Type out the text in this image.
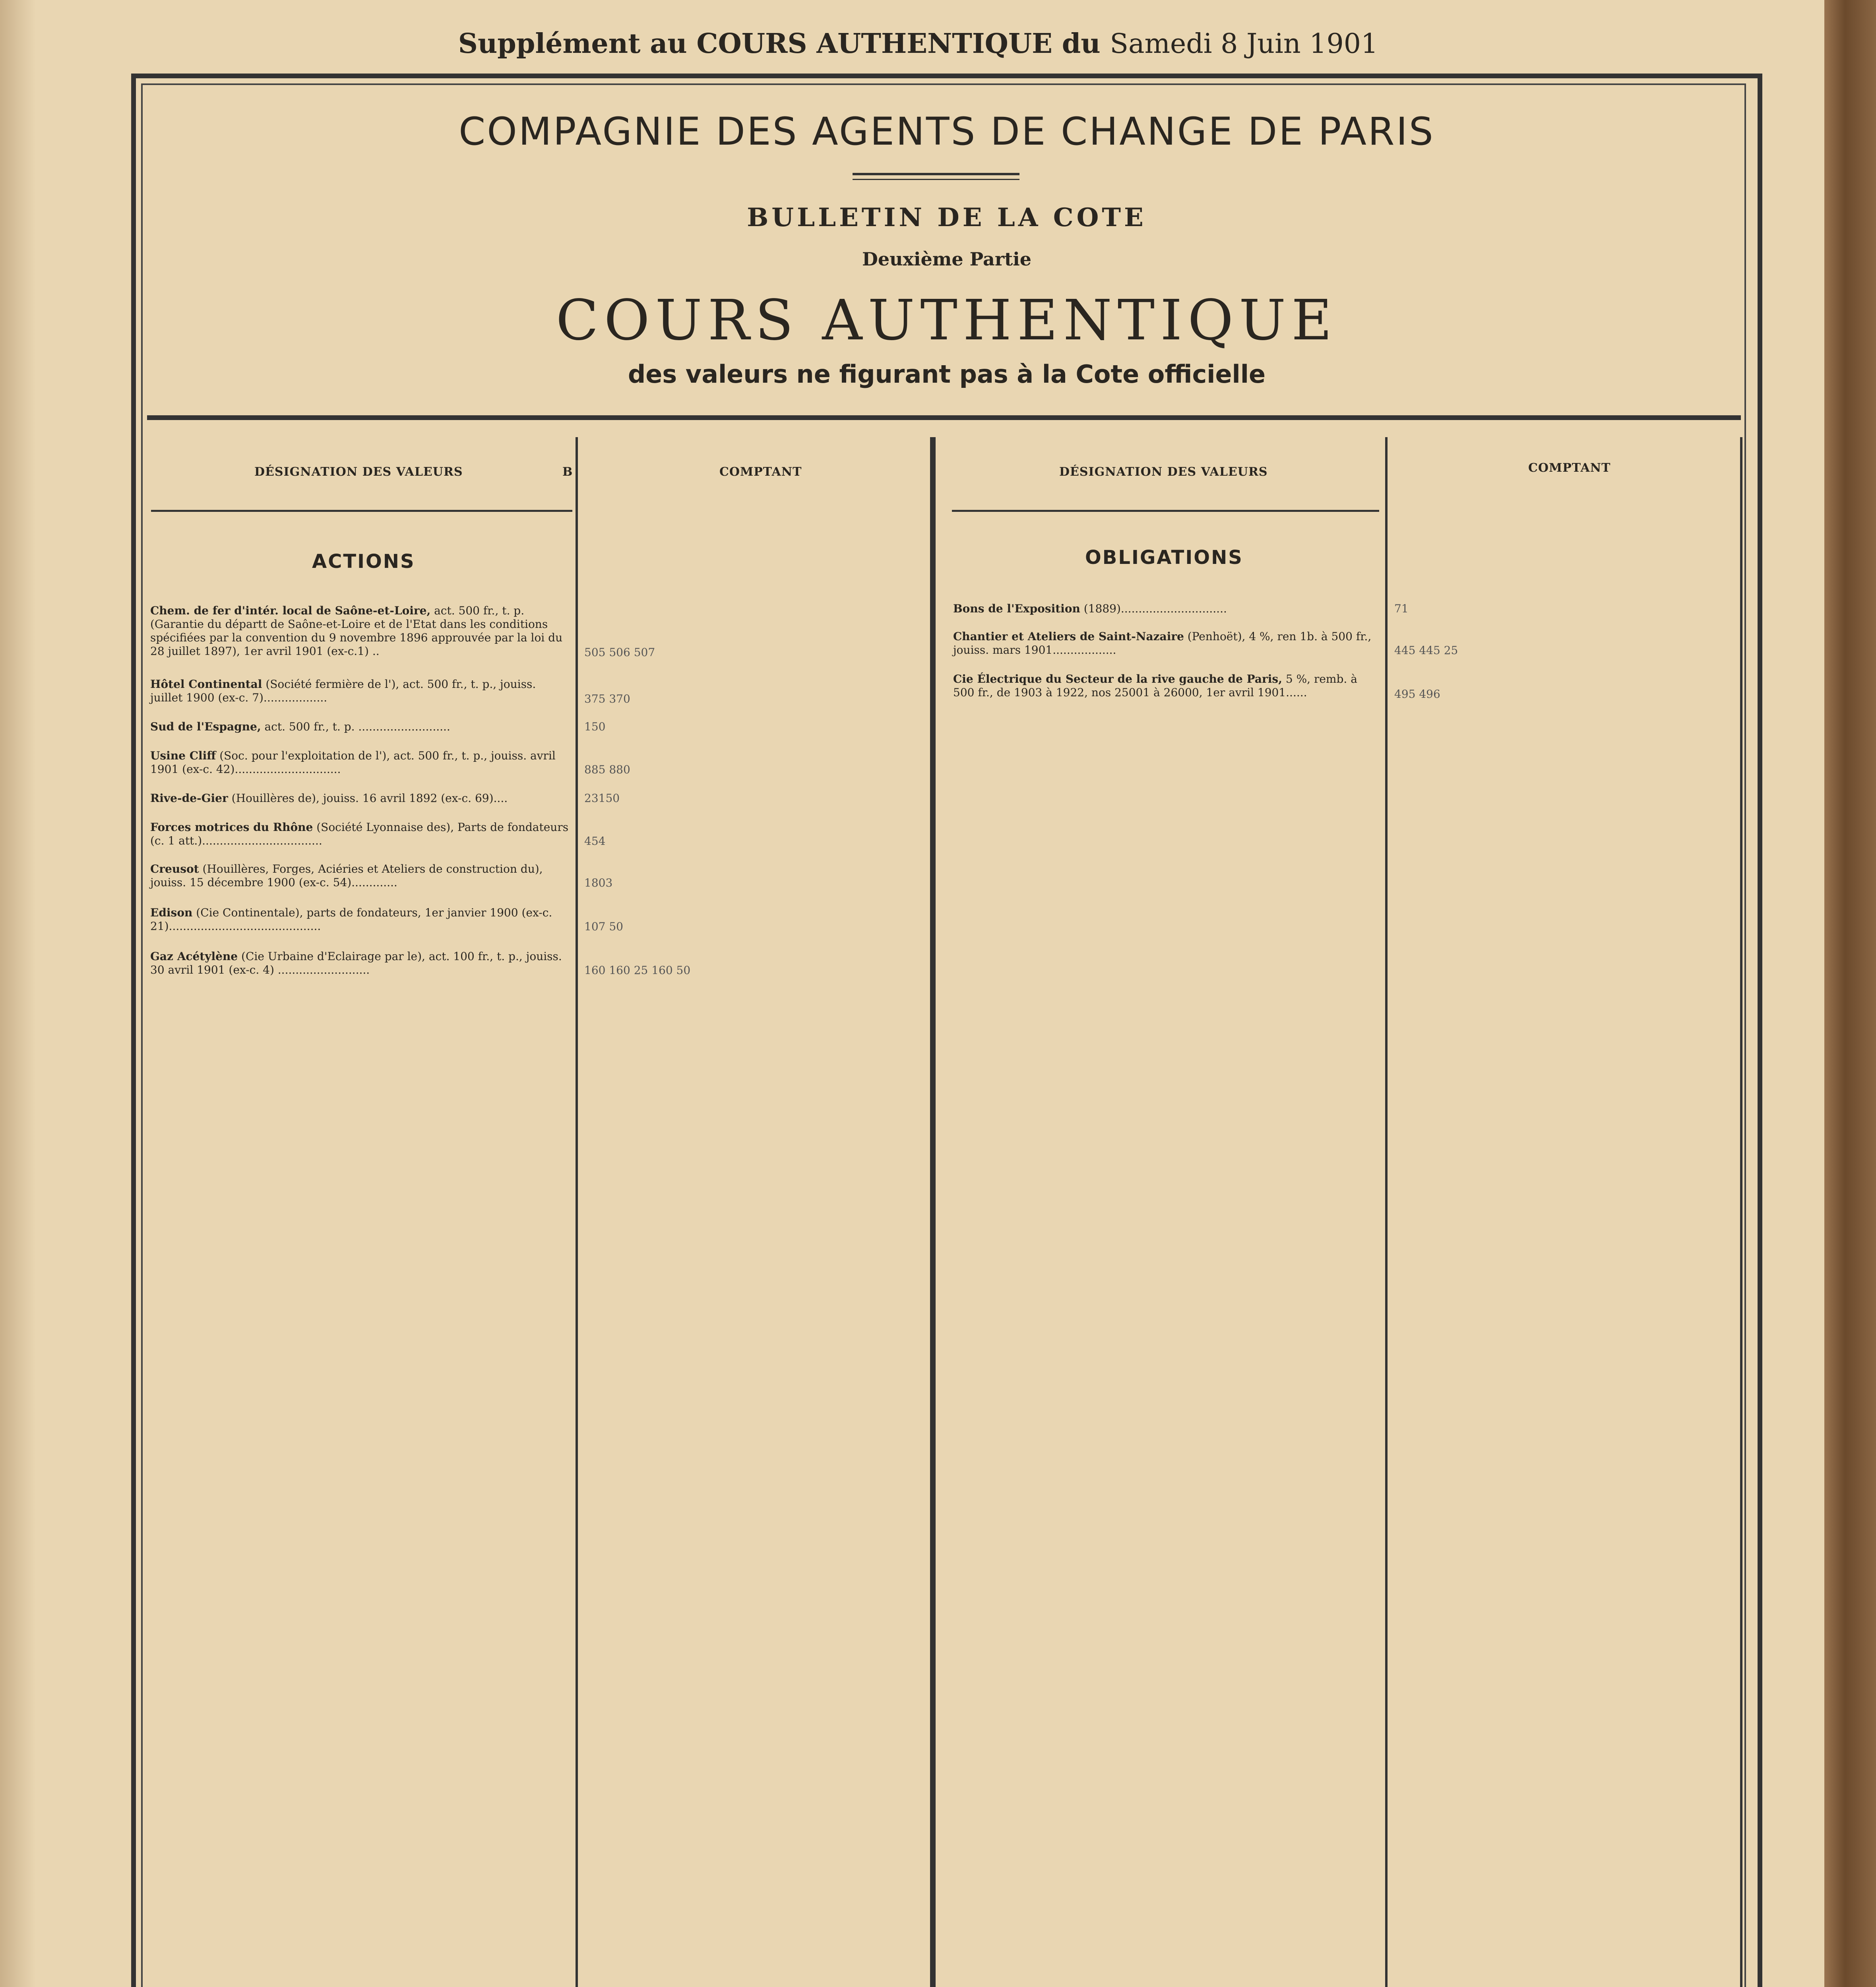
Supplément au COURS AUTHENTIQUE du Samedi 8 Juin 1901
COMPAGNIE DES AGENTS DE CHANGE DE PARIS
BULLETIN DE LA COTE
Deuxième Partie
COURS AUTHENTIQUE
des valeurs ne figurant pas à la Cote officielle
DÉSIGNATION DES VALEURS	B	COMPTANT	DÉSIGNATION DES VALEURS	COMPTANT
ACTIONS	OBLIGATIONS
Chem. de fer d'intér. local de Saône-et-Loire, act. 500 fr., t. p. (Garantie du départt de Saône-et-Loire et de l'Etat dans les conditions spécifiées par la convention du 9 novembre 1896 approuvée par la loi du 28 juillet 1897), 1er avril 1901 (ex-c.1) ..	505 506 507
Hôtel Continental (Société fermière de l'), act. 500 fr., t. p., jouiss. juillet 1900 (ex-c. 7)..................	375 370
Sud de l'Espagne, act. 500 fr., t. p. ..........................	150
Usine Cliff (Soc. pour l'exploitation de l'), act. 500 fr., t. p., jouiss. avril 1901 (ex-c. 42)..............................	885 880
Rive-de-Gier (Houillères de), jouiss. 16 avril 1892 (ex-c. 69)....	23150
Forces motrices du Rhône (Société Lyonnaise des), Parts de fondateurs (c. 1 att.)..................................	454
Creusot (Houillères, Forges, Aciéries et Ateliers de construction du), jouiss. 15 décembre 1900 (ex-c. 54).............	1803
Edison (Cie Continentale), parts de fondateurs, 1er janvier 1900 (ex-c. 21)...........................................	107 50
Gaz Acétylène (Cie Urbaine d'Eclairage par le), act. 100 fr., t. p., jouiss. 30 avril 1901 (ex-c. 4) ..........................	160 160 25 160 50
Bons de l'Exposition (1889)..............................	71
Chantier et Ateliers de Saint-Nazaire (Penhoët), 4 %, ren 1b. à 500 fr., jouiss. mars 1901..................	445 445 25
Cie Électrique du Secteur de la rive gauche de Paris, 5 %, remb. à 500 fr., de 1903 à 1922, nos 25001 à 26000, 1er avril 1901......	495 496
